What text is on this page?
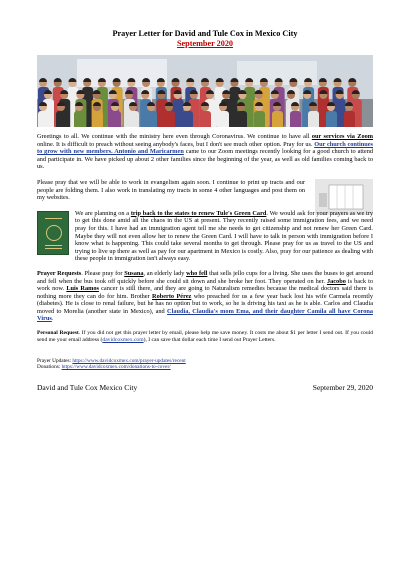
Prayer Letter for David and Tule Cox in Mexico City
September 2020

Greetings to all. We continue with the ministry here even through Coronavirus. We continue to have all our services via Zoom online. It is difficult to preach without seeing anybody's faces, but I don't see much other option. Pray for us. Our church continues to grow with new members. Antonio and Maricarmen came to our Zoom meetings recently looking for a good church to attend and participate in. We have picked up about 2 other families since the beginning of the year, as well as old families coming back to us.

Please pray that we will be able to work in evangelism again soon. I continue to print up tracts and our people are folding them. I also work in translating my tracts in some 4 other languages and post them on my websites.

We are planning on a trip back to the states to renew Tule's Green Card. We would ask for your prayers as we try to get this done amid all the chaos in the US at present. They recently raised some immigration fees, and we need pray for this. I have had an immigration agent tell me she needs to get citizenship and not renew her Green Card. Maybe they will not even allow her to renew the Green Card. I will have to talk in person with immigration before I know what is happening. This could take several months to get through. Please pray for us as travel to the US and trying to live up there as well as pay for our apartment in Mexico is costly. Also, pray for our patience as dealing with these people in immigration isn't always easy.

Prayer Requests. Please pray for Susana, an elderly lady who fell that sells jello cups for a living. She uses the buses to get around and fell when the bus took off quickly before she could sit down and she broke her foot. They operated on her. Jacobo is back to work now. Luis Ramos cancer is still there, and they are going to Naturalism remedies because the medical doctors said there is nothing more they can do for him. Brother Roberto Pérez who preached for us a few year back lost his wife Carmela recently (diabetes). He is close to renal failure, but he has no option but to work, so he is driving his taxi as he is able. Carlos and Claudia moved to Morelia (another state in Mexico), and Claudia, Claudia's mom Ema, and their daughter Camila all have Corona Virus.

Personal Request. If you did not get this prayer letter by email, please help me save money. It costs me about $1 per letter I send out. If you could send me your email address (davidcoxmex.com), I can save that dollar each time I send out Prayer Letters.

Prayer Updates: https://www.davidcoxmex.com/prayer-updates/recent
Donations: https://www.davidcoxmex.com/donations-to-cover/
David and Tule Cox Mexico City	September 29, 2020
